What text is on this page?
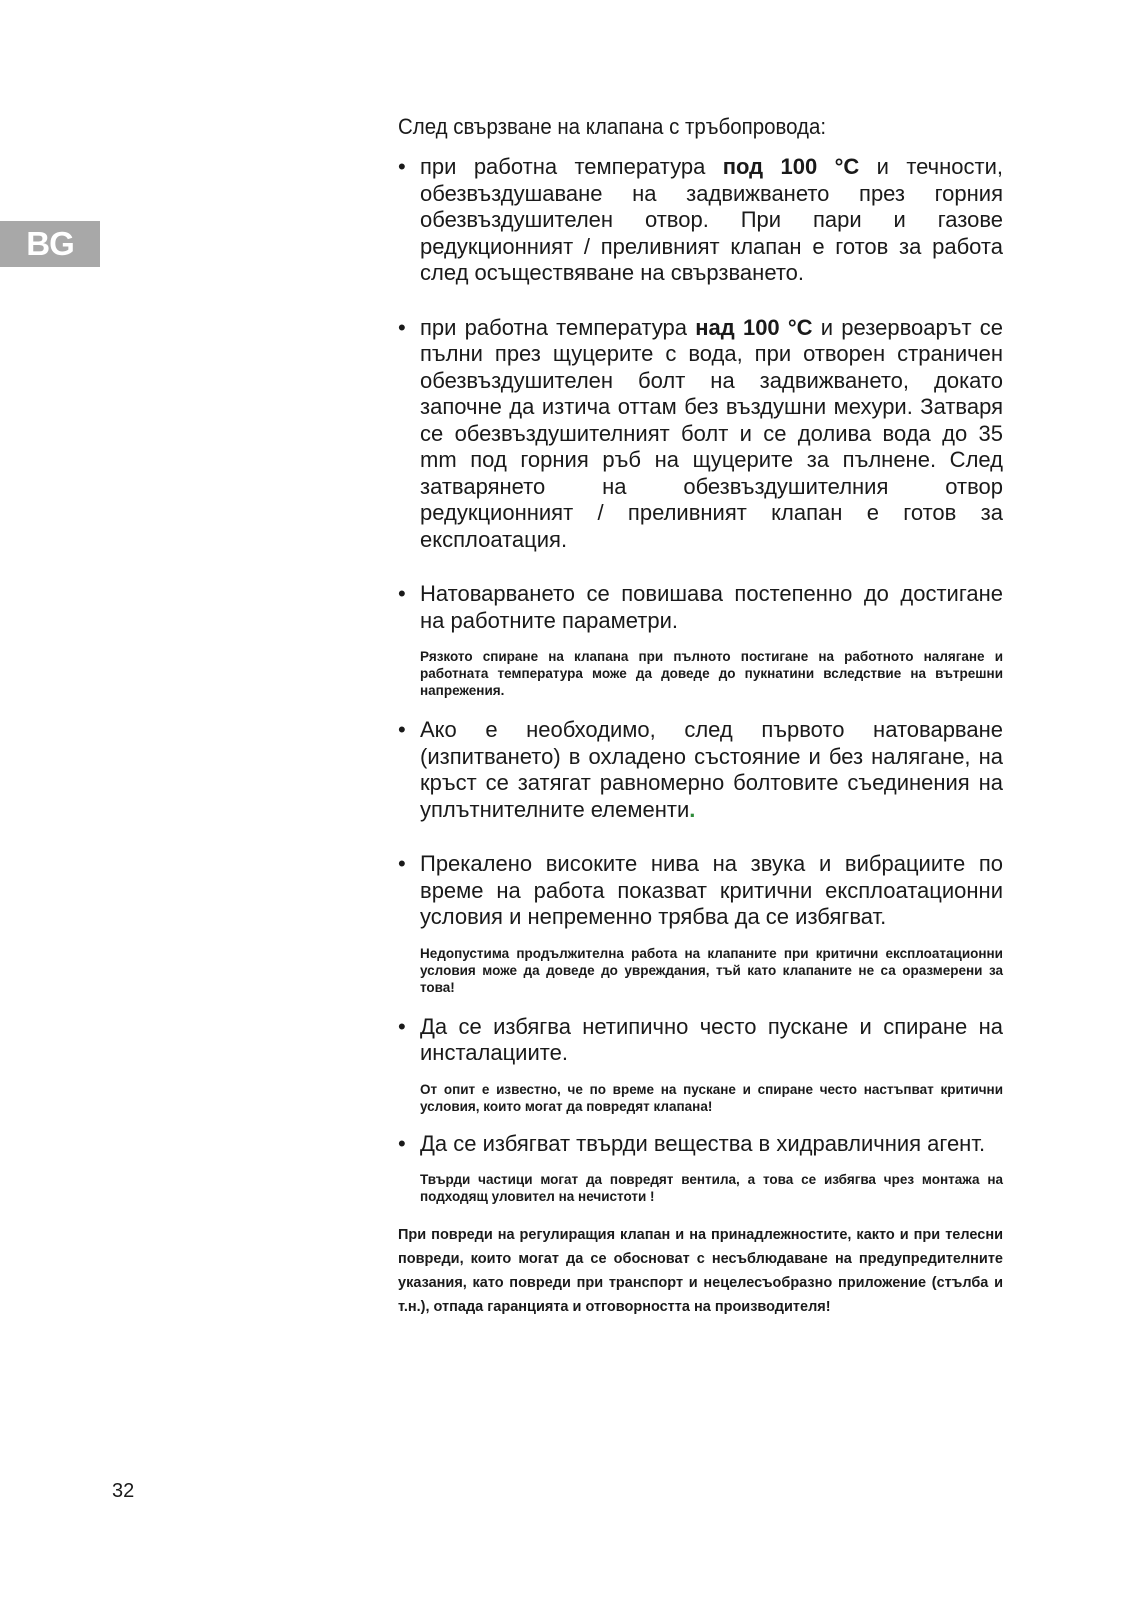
BG

След свързване на клапана с тръбопровода:

• при работна температура под 100 °С и течности, обезвъздушаване на задвижването през горния обезвъздушителен отвор. При пари и газове редукционният / преливният клапан е готов за работа след осъществяване на свързването.

• при работна температура над 100 °С и резервоарът се пълни през щуцерите с вода, при отворен страничен обезвъздушителен болт на задвижването, докато започне да изтича оттам без въздушни мехури. Затваря се обезвъздушителният болт и се долива вода до 35 mm под горния ръб на щуцерите за пълнене. След затварянето на обезвъздушителния отвор редукционният / преливният клапан е готов за експлоатация.

• Натоварването се повишава постепенно до достигане на работните параметри.

Рязкото спиране на клапана при пълното постигане на работното налягане и работната температура може да доведе до пукнатини вследствие на вътрешни напрежения.

• Ако е необходимо, след първото натоварване (изпитването) в охладено състояние и без налягане, на кръст се затягат равномерно болтовите съединения на уплътнителните елементи.

• Прекалено високите нива на звука и вибрациите по време на работа показват критични експлоатационни условия и непременно трябва да се избягват.

Недопустима продължителна работа на клапаните при критични експлоатационни условия може да доведе до увреждания, тъй като клапаните не са оразмерени за това!

• Да се избягва нетипично често пускане и спиране на инсталациите.

От опит е известно, че по време на пускане и спиране често настъпват критични условия, които могат да повредят клапана!

• Да се избягват твърди вещества в хидравличния агент.

Твърди частици могат да повредят вентила, а това се избягва чрез монтажа на подходящ уловител на нечистоти !

При повреди на регулиращия клапан и на принадлежностите, както и при телесни повреди, които могат да се обосноват с несъблюдаване на предупредителните указания, като повреди при транспорт и нецелесъобразно приложение (стълба и т.н.), отпада гаранцията и отговорността на производителя!

32
